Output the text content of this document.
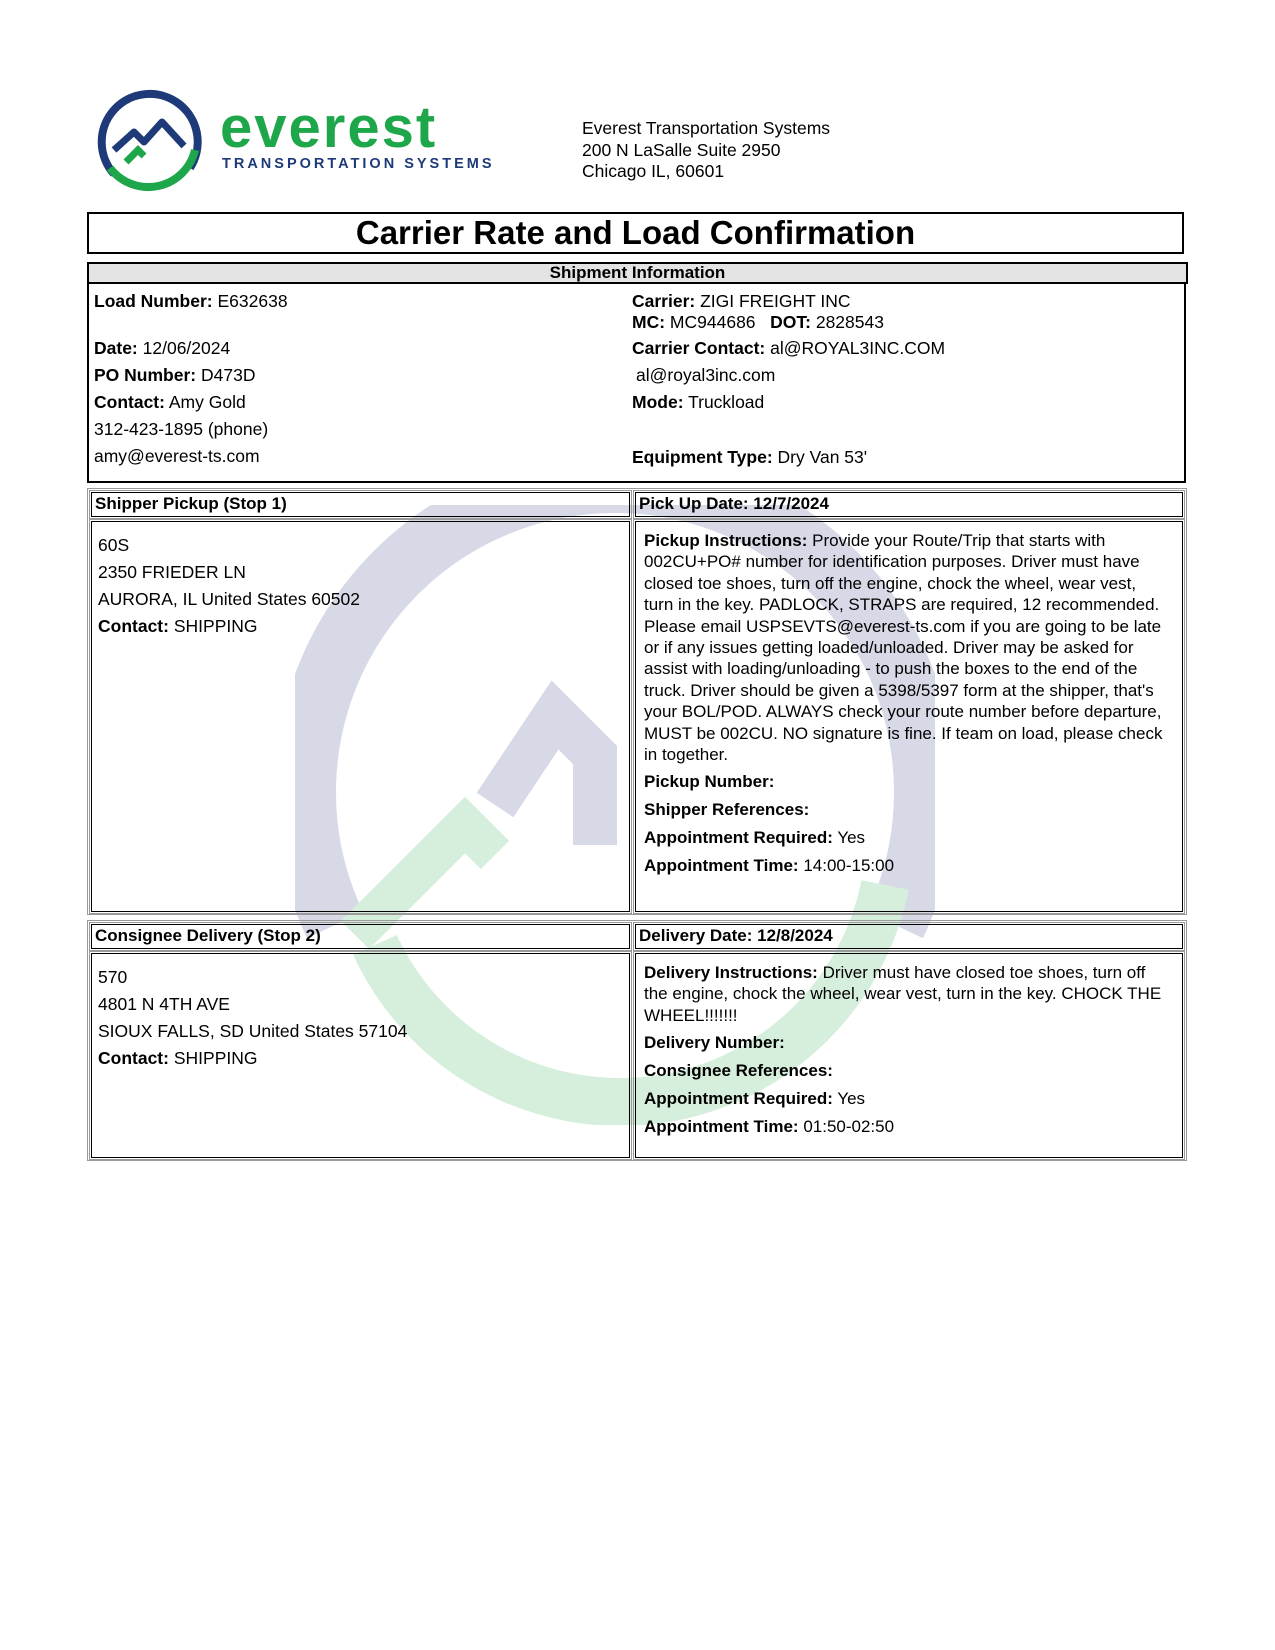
everest
TRANSPORTATION SYSTEMS
Everest Transportation Systems
200 N LaSalle Suite 2950
Chicago IL, 60601
Carrier Rate and Load Confirmation
Shipment Information
Load Number: E632638
Date: 12/06/2024
PO Number: D473D
Contact: Amy Gold
312-423-1895 (phone)
amy@everest-ts.com
Carrier: ZIGI FREIGHT INC
MC: MC944686 DOT: 2828543
Carrier Contact: al@ROYAL3INC.COM
al@royal3inc.com
Mode: Truckload
Equipment Type: Dry Van 53'
Shipper Pickup (Stop 1)	Pick Up Date: 12/7/2024
60S
2350 FRIEDER LN
AURORA, IL United States 60502
Contact: SHIPPING

Pickup Instructions: Provide your Route/Trip that starts with 002CU+PO# number for identification purposes. Driver must have closed toe shoes, turn off the engine, chock the wheel, wear vest, turn in the key. PADLOCK, STRAPS are required, 12 recommended. Please email USPSEVTS@everest-ts.com if you are going to be late or if any issues getting loaded/unloaded. Driver may be asked for assist with loading/unloading - to push the boxes to the end of the truck. Driver should be given a 5398/5397 form at the shipper, that's your BOL/POD. ALWAYS check your route number before departure, MUST be 002CU. NO signature is fine. If team on load, please check in together.

Pickup Number:
Shipper References:
Appointment Required: Yes
Appointment Time: 14:00-15:00
Consignee Delivery (Stop 2)	Delivery Date: 12/8/2024
570
4801 N 4TH AVE
SIOUX FALLS, SD United States 57104
Contact: SHIPPING

Delivery Instructions: Driver must have closed toe shoes, turn off the engine, chock the wheel, wear vest, turn in the key. CHOCK THE WHEEL!!!!!!!

Delivery Number:
Consignee References:
Appointment Required: Yes
Appointment Time: 01:50-02:50
